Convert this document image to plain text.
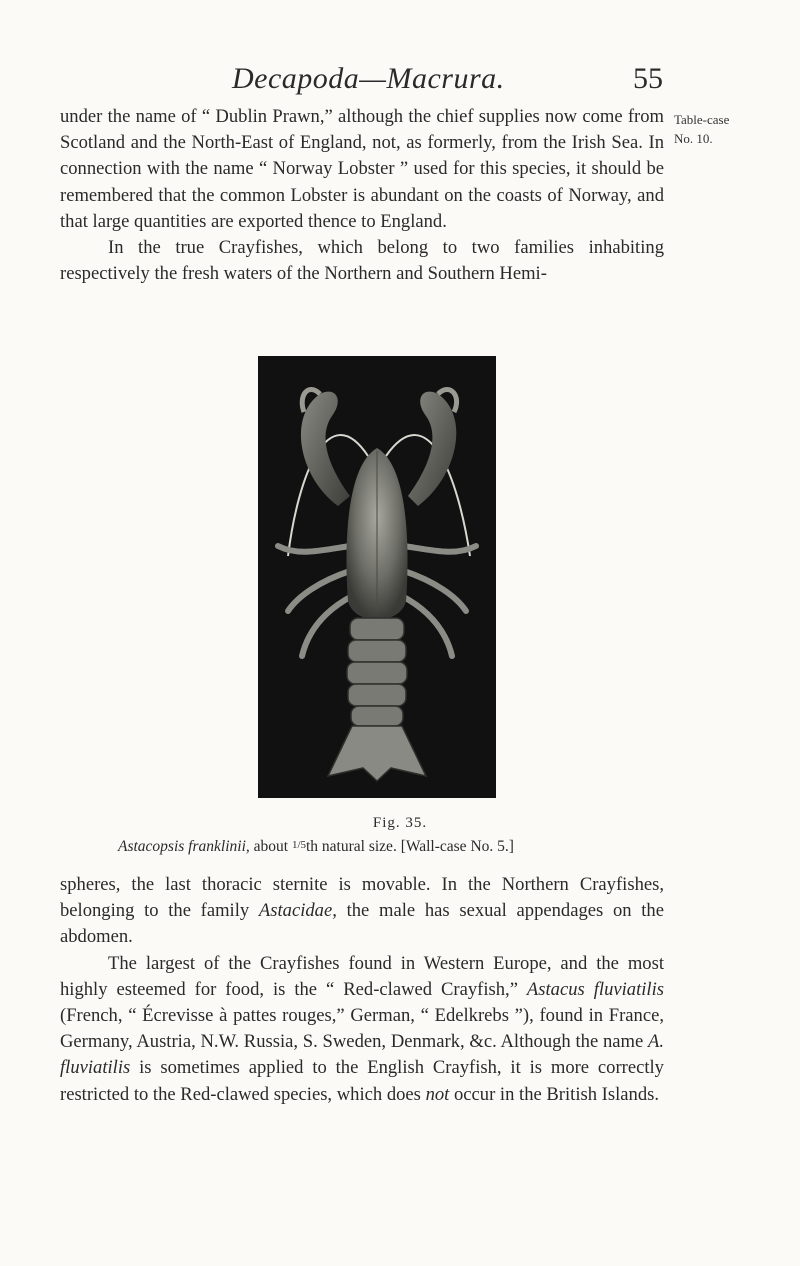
Decapoda—Macrura.	55
Table-case
No. 10.

under the name of “ Dublin Prawn,” although the chief supplies now come from Scotland and the North-East of England, not, as formerly, from the Irish Sea. In connection with the name “ Norway Lobster ” used for this species, it should be remembered that the common Lobster is abundant on the coasts of Norway, and that large quantities are exported thence to England.

In the true Crayfishes, which belong to two families inhabiting respectively the fresh waters of the Northern and Southern Hemi-

Fig. 35.
Astacopsis franklinii, about 1/5th natural size. [Wall-case No. 5.]

spheres, the last thoracic sternite is movable. In the Northern Crayfishes, belonging to the family Astacidae, the male has sexual appendages on the abdomen.

The largest of the Crayfishes found in Western Europe, and the most highly esteemed for food, is the “ Red-clawed Crayfish,” Astacus fluviatilis (French, “ Écrevisse à pattes rouges,” German, “ Edelkrebs ”), found in France, Germany, Austria, N.W. Russia, S. Sweden, Denmark, &c. Although the name A. fluviatilis is sometimes applied to the English Crayfish, it is more correctly restricted to the Red-clawed species, which does not occur in the British Islands.
